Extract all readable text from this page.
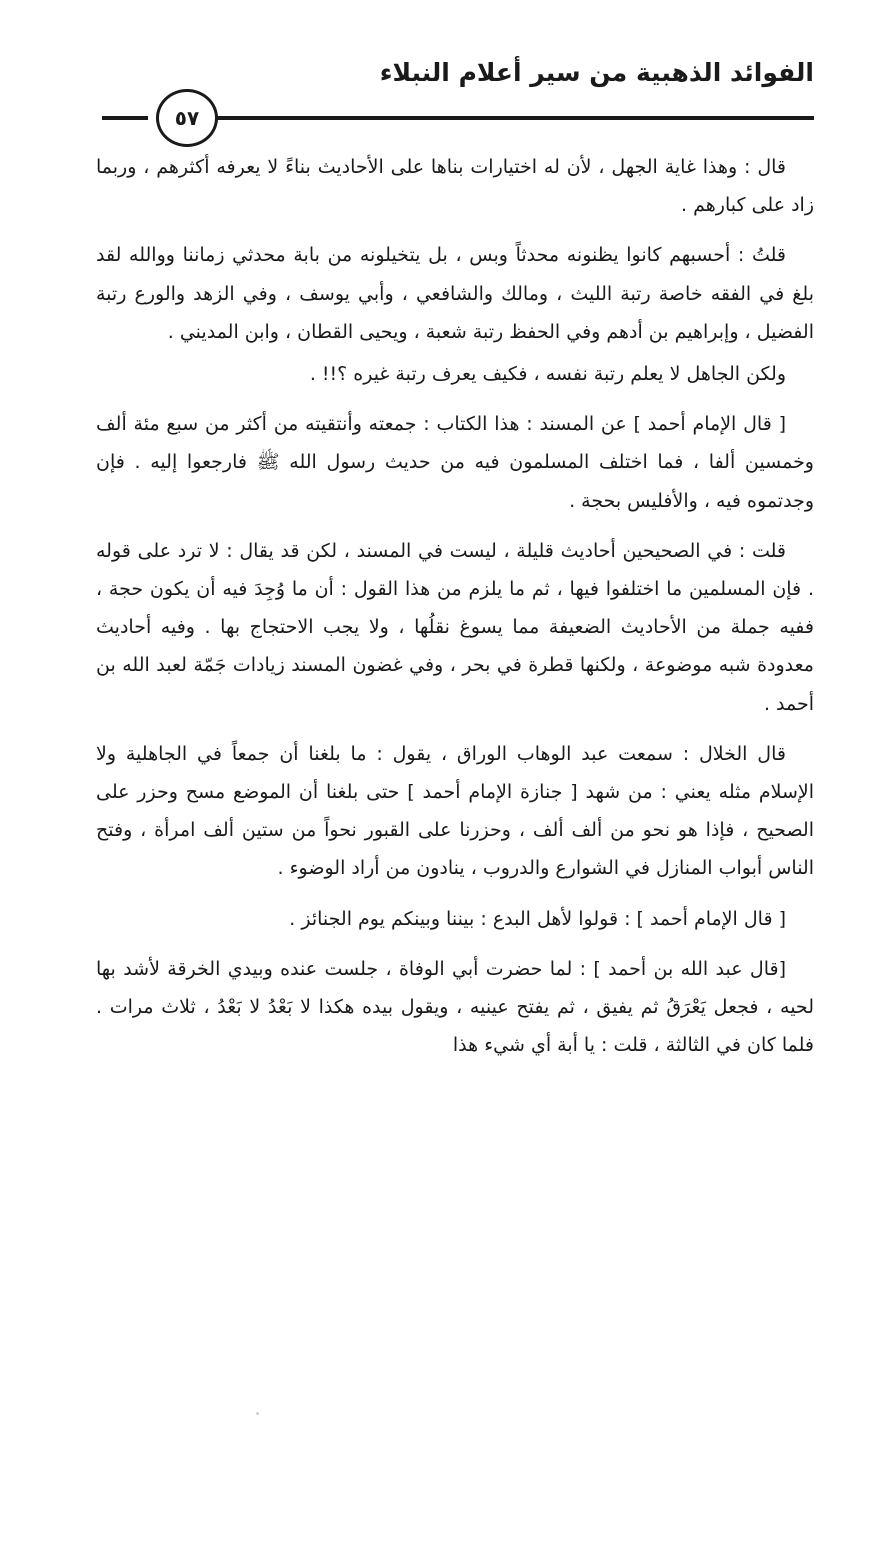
الفوائد الذهبية من سير أعلام النبلاء
٥٧

قال : وهذا غاية الجهل ، لأن له اختيارات بناها على الأحاديث بناءً لا يعرفه أكثرهم ، وربما زاد على كبارهم .

قلتُ : أحسبهم كانوا يظنونه محدثاً وبس ، بل يتخيلونه من بابة محدثي زماننا ووالله لقد بلغ في الفقه خاصة رتبة الليث ، ومالك والشافعي ، وأبي يوسف ، وفي الزهد والورع رتبة الفضيل ، وإبراهيم بن أدهم وفي الحفظ رتبة شعبة ، ويحيى القطان ، وابن المديني .

ولكن الجاهل لا يعلم رتبة نفسه ، فكيف يعرف رتبة غيره ؟!! .

[ قال الإمام أحمد ] عن المسند : هذا الكتاب : جمعته وأنتقيته من أكثر من سبع مئة ألف وخمسين ألفا ، فما اختلف المسلمون فيه من حديث رسول الله ﷺ فارجعوا إليه . فإن وجدتموه فيه ، والأفليس بحجة .

قلت : في الصحيحين أحاديث قليلة ، ليست في المسند ، لكن قد يقال : لا ترد على قوله . فإن المسلمين ما اختلفوا فيها ، ثم ما يلزم من هذا القول : أن ما وُجِدَ فيه أن يكون حجة ، ففيه جملة من الأحاديث الضعيفة مما يسوغ نقلُها ، ولا يجب الاحتجاج بها . وفيه أحاديث معدودة شبه موضوعة ، ولكنها قطرة في بحر ، وفي غضون المسند زيادات جَمّة لعبد الله بن أحمد .

قال الخلال : سمعت عبد الوهاب الوراق ، يقول : ما بلغنا أن جمعاً في الجاهلية ولا الإسلام مثله يعني : من شهد [ جنازة الإمام أحمد ] حتى بلغنا أن الموضع مسح وحزر على الصحيح ، فإذا هو نحو من ألف ألف ، وحزرنا على القبور نحواً من ستين ألف امرأة ، وفتح الناس أبواب المنازل في الشوارع والدروب ، ينادون من أراد الوضوء .

[ قال الإمام أحمد ] : قولوا لأهل البدع : بيننا وبينكم يوم الجنائز .

[قال عبد الله بن أحمد ] : لما حضرت أبي الوفاة ، جلست عنده وبيدي الخرقة لأشد بها لحيه ، فجعل يَعْرَقُ ثم يفيق ، ثم يفتح عينيه ، ويقول بيده هكذا لا بَعْدُ لا بَعْدُ ، ثلاث مرات . فلما كان في الثالثة ، قلت : يا أبة أي شيء هذا
